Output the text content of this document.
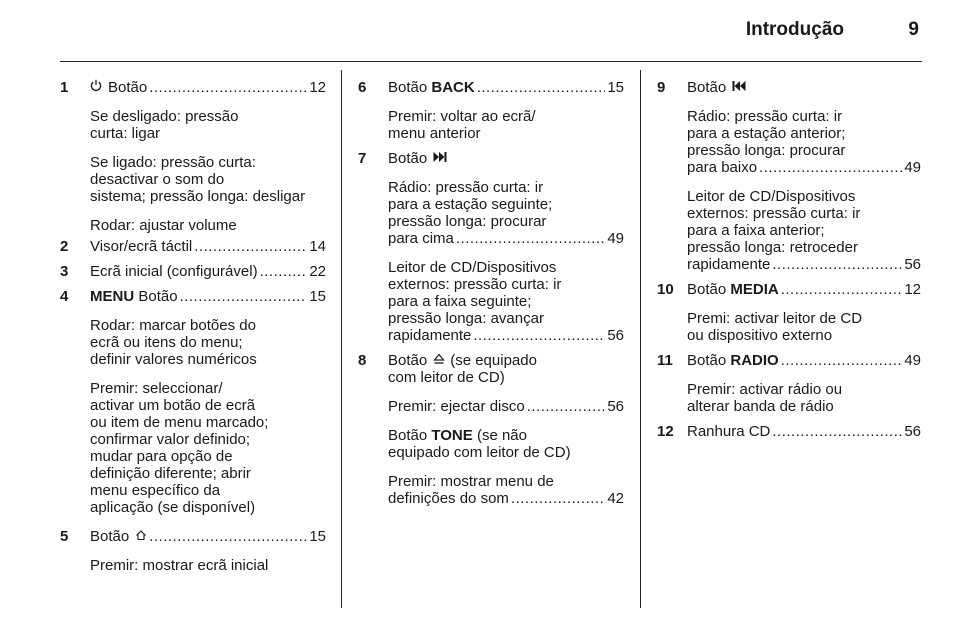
Introdução	9
1	Botão .....	12
Se desligado: pressão
curta: ligar
Se ligado: pressão curta:
desactivar o som do
sistema; pressão longa: desligar
Rodar: ajustar volume
2	Visor/ecrã táctil .....	14
3	Ecrã inicial (configurável) .....	22
4	MENU Botão .....	15
Rodar: marcar botões do
ecrã ou itens do menu;
definir valores numéricos
Premir: seleccionar/
activar um botão de ecrã
ou item de menu marcado;
confirmar valor definido;
mudar para opção de
definição diferente; abrir
menu específico da
aplicação (se disponível)
5	Botão .....	15
Premir: mostrar ecrã inicial
6	Botão BACK .....	15
Premir: voltar ao ecrã/
menu anterior
7	Botão
Rádio: pressão curta: ir
para a estação seguinte;
pressão longa: procurar
para cima .....	49
Leitor de CD/Dispositivos
externos: pressão curta: ir
para a faixa seguinte;
pressão longa: avançar
rapidamente .....	56
8	Botão (se equipado
com leitor de CD)
Premir: ejectar disco .....	56
Botão
TONE
(se não
equipado com leitor de CD)
Premir: mostrar menu de
definições do som .....	42
9	Botão
Rádio: pressão curta: ir
para a estação anterior;
pressão longa: procurar
para baixo .....	49
Leitor de CD/Dispositivos
externos: pressão curta: ir
para a faixa anterior;
pressão longa: retroceder
rapidamente .....	56
10 Botão MEDIA .....	12
Premi: activar leitor de CD
ou dispositivo externo
11 Botão RADIO .....	49
Premir: activar rádio ou
alterar banda de rádio
12 Ranhura CD .....	56
